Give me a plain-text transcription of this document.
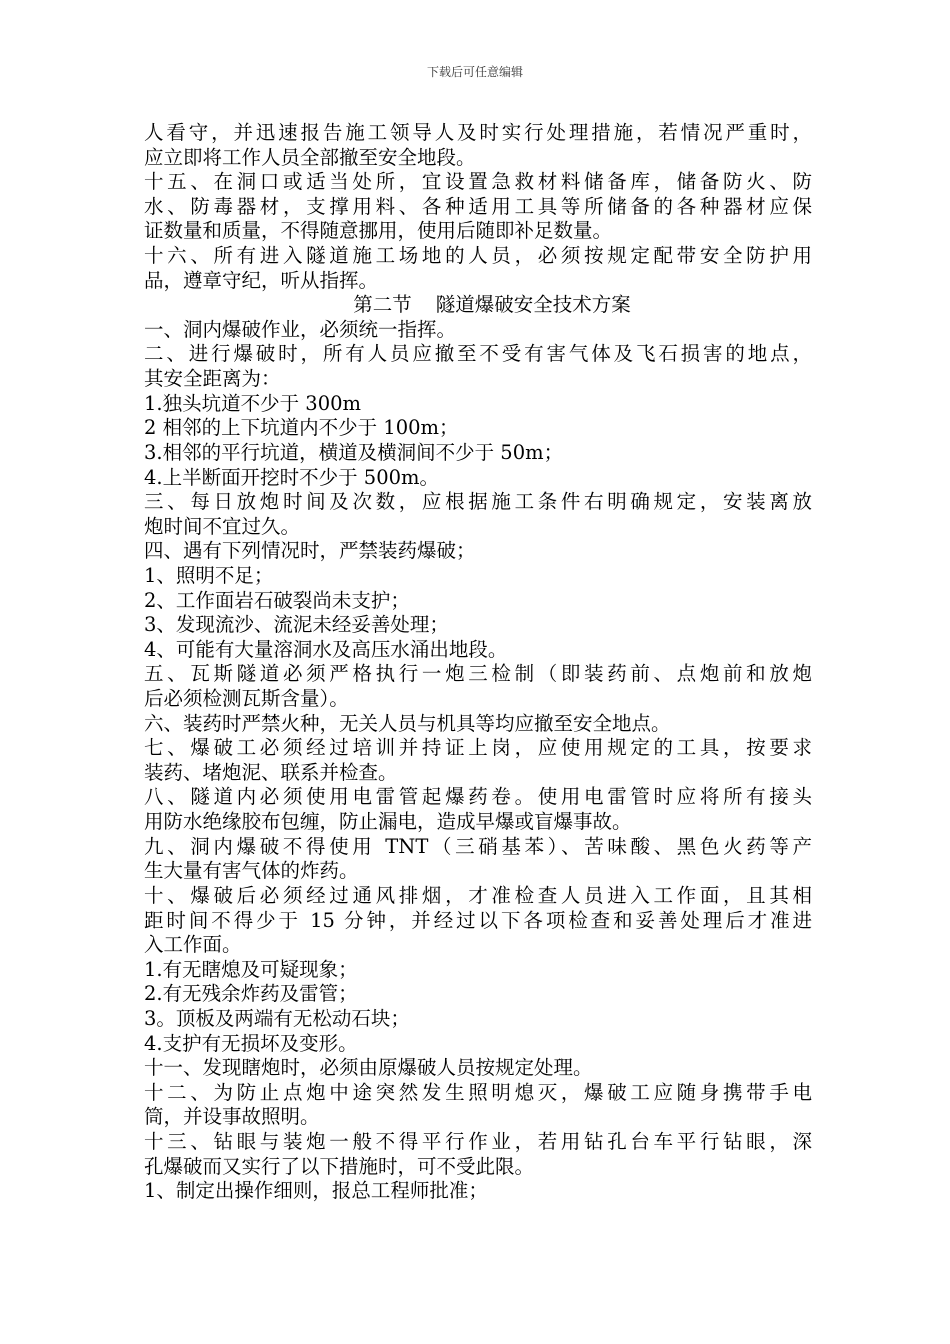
下载后可任意编辑
人看守，并迅速报告施工领导人及时实行处理措施，若情况严重时，
应立即将工作人员全部撤至安全地段。
十五、在洞口或适当处所，宜设置急救材料储备库，储备防火、防
水、防毒器材，支撑用料、各种适用工具等所储备的各种器材应保
证数量和质量，不得随意挪用，使用后随即补足数量。
十六、所有进入隧道施工场地的人员，必须按规定配带安全防护用
品，遵章守纪，听从指挥。
第二节 隧道爆破安全技术方案
一、洞内爆破作业，必须统一指挥。
二、进行爆破时，所有人员应撤至不受有害气体及飞石损害的地点，
其安全距离为：
1.独头坑道不少于 300m
2 相邻的上下坑道内不少于 100m；
3.相邻的平行坑道，横道及横洞间不少于 50m；
4.上半断面开挖时不少于 500m。
三、每日放炮时间及次数，应根据施工条件右明确规定，安装离放
炮时间不宜过久。
四、遇有下列情况时，严禁装药爆破；
1、照明不足；
2、工作面岩石破裂尚未支护；
3、发现流沙、流泥未经妥善处理；
4、可能有大量溶洞水及高压水涌出地段。
五、瓦斯隧道必须严格执行一炮三检制（即装药前、点炮前和放炮
后必须检测瓦斯含量）。
六、装药时严禁火种，无关人员与机具等均应撤至安全地点。
七、爆破工必须经过培训并持证上岗，应使用规定的工具，按要求
装药、堵炮泥、联系并检查。
八、隧道内必须使用电雷管起爆药卷。使用电雷管时应将所有接头
用防水绝缘胶布包缠，防止漏电，造成早爆或盲爆事故。
九、洞内爆破不得使用 TNT（三硝基苯）、苦味酸、黑色火药等产
生大量有害气体的炸药。
十、爆破后必须经过通风排烟，才准检查人员进入工作面，且其相
距时间不得少于 15 分钟，并经过以下各项检查和妥善处理后才准进
入工作面。
1.有无瞎熄及可疑现象；
2.有无残余炸药及雷管；
3。顶板及两端有无松动石块；
4.支护有无损坏及变形。
十一、发现瞎炮时，必须由原爆破人员按规定处理。
十二、为防止点炮中途突然发生照明熄灭，爆破工应随身携带手电
筒，并设事故照明。
十三、钻眼与装炮一般不得平行作业，若用钻孔台车平行钻眼，深
孔爆破而又实行了以下措施时，可不受此限。
1、制定出操作细则，报总工程师批准；
